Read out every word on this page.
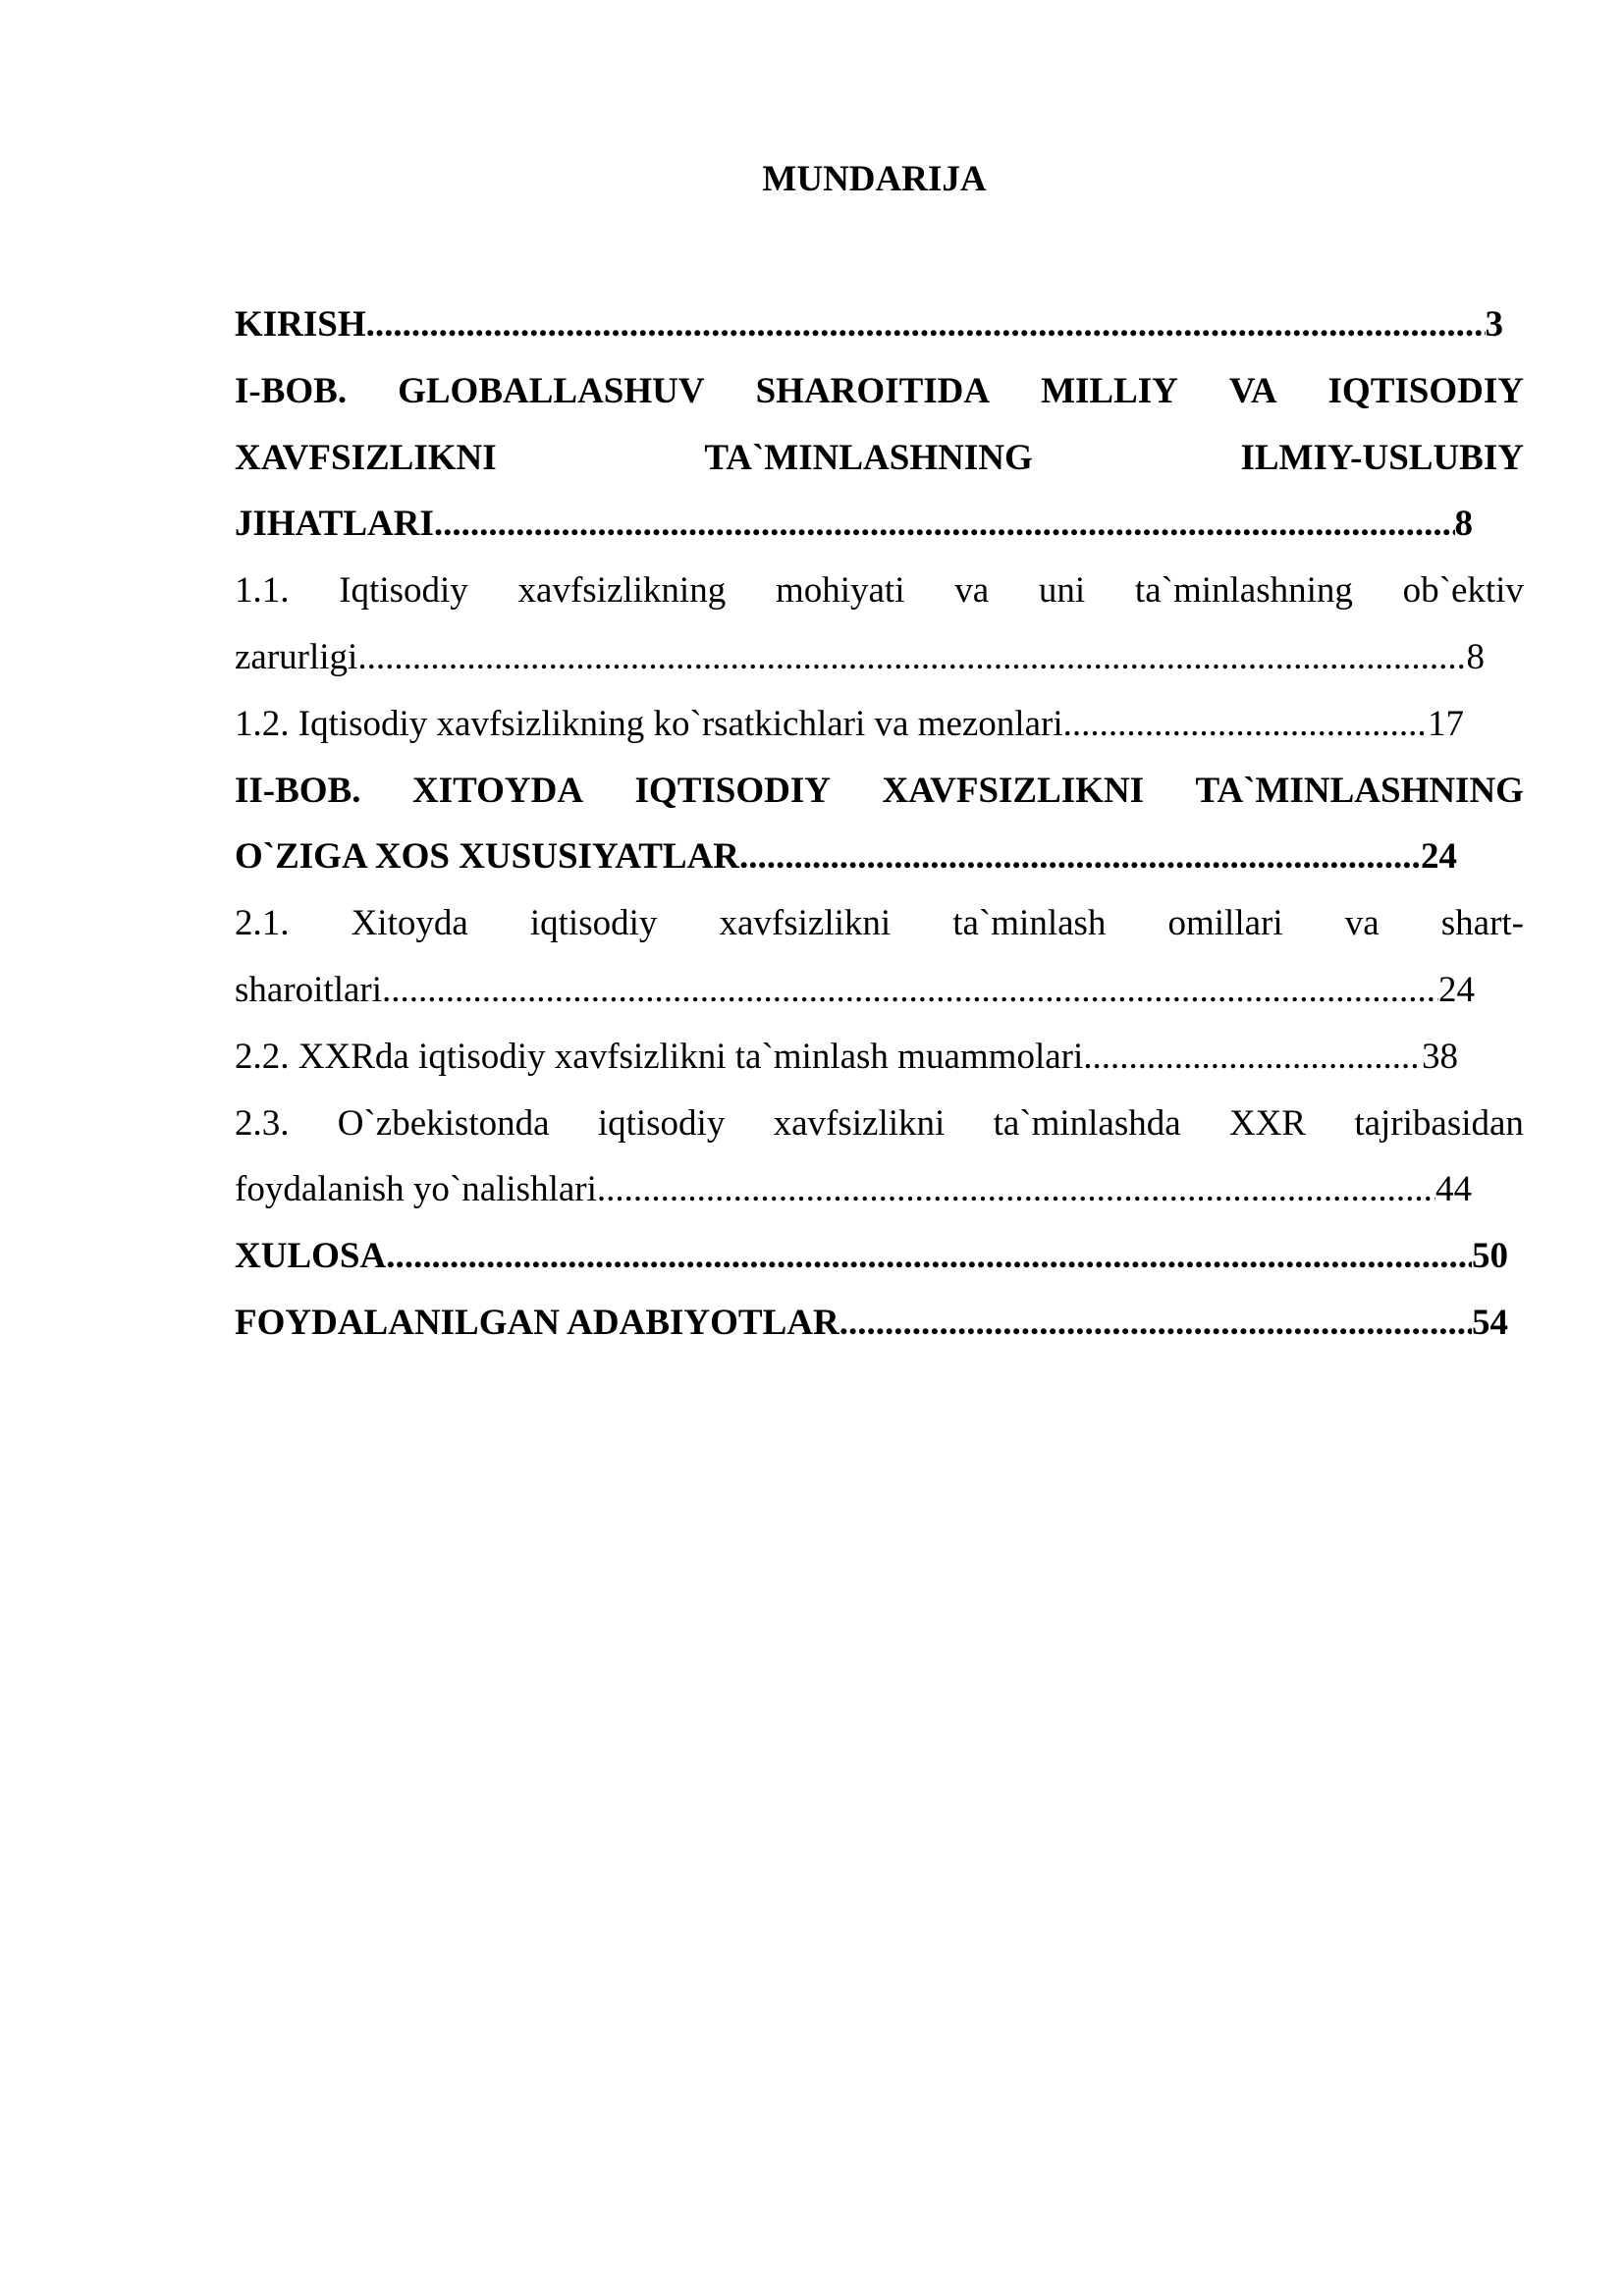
MUNDARIJA
KIRISH .....	3
I-BOB. GLOBALLASHUV SHAROITIDA MILLIY VA IQTISODIY
XAVFSIZLIKNI	TA`MINLASHNING	ILMIY-USLUBIY
JIHATLARI .....	8
1.1. Iqtisodiy xavfsizlikning mohiyati va uni ta`minlashning ob`ektiv
zarurligi .....	8
1.2. Iqtisodiy xavfsizlikning ko`rsatkichlari va mezonlari .....	17
II-BOB. XITOYDA IQTISODIY XAVFSIZLIKNI TA`MINLASHNING
O`ZIGA XOS XUSUSIYATLAR .....	24
2.1. Xitoyda iqtisodiy xavfsizlikni ta`minlash omillari va shart-
sharoitlari .....	24
2.2. XXRda iqtisodiy xavfsizlikni ta`minlash muammolari .....	38
2.3. O`zbekistonda iqtisodiy xavfsizlikni ta`minlashda XXR tajribasidan
foydalanish yo`nalishlari .....	44
XULOSA .....	50
FOYDALANILGAN ADABIYOTLAR .....	54
